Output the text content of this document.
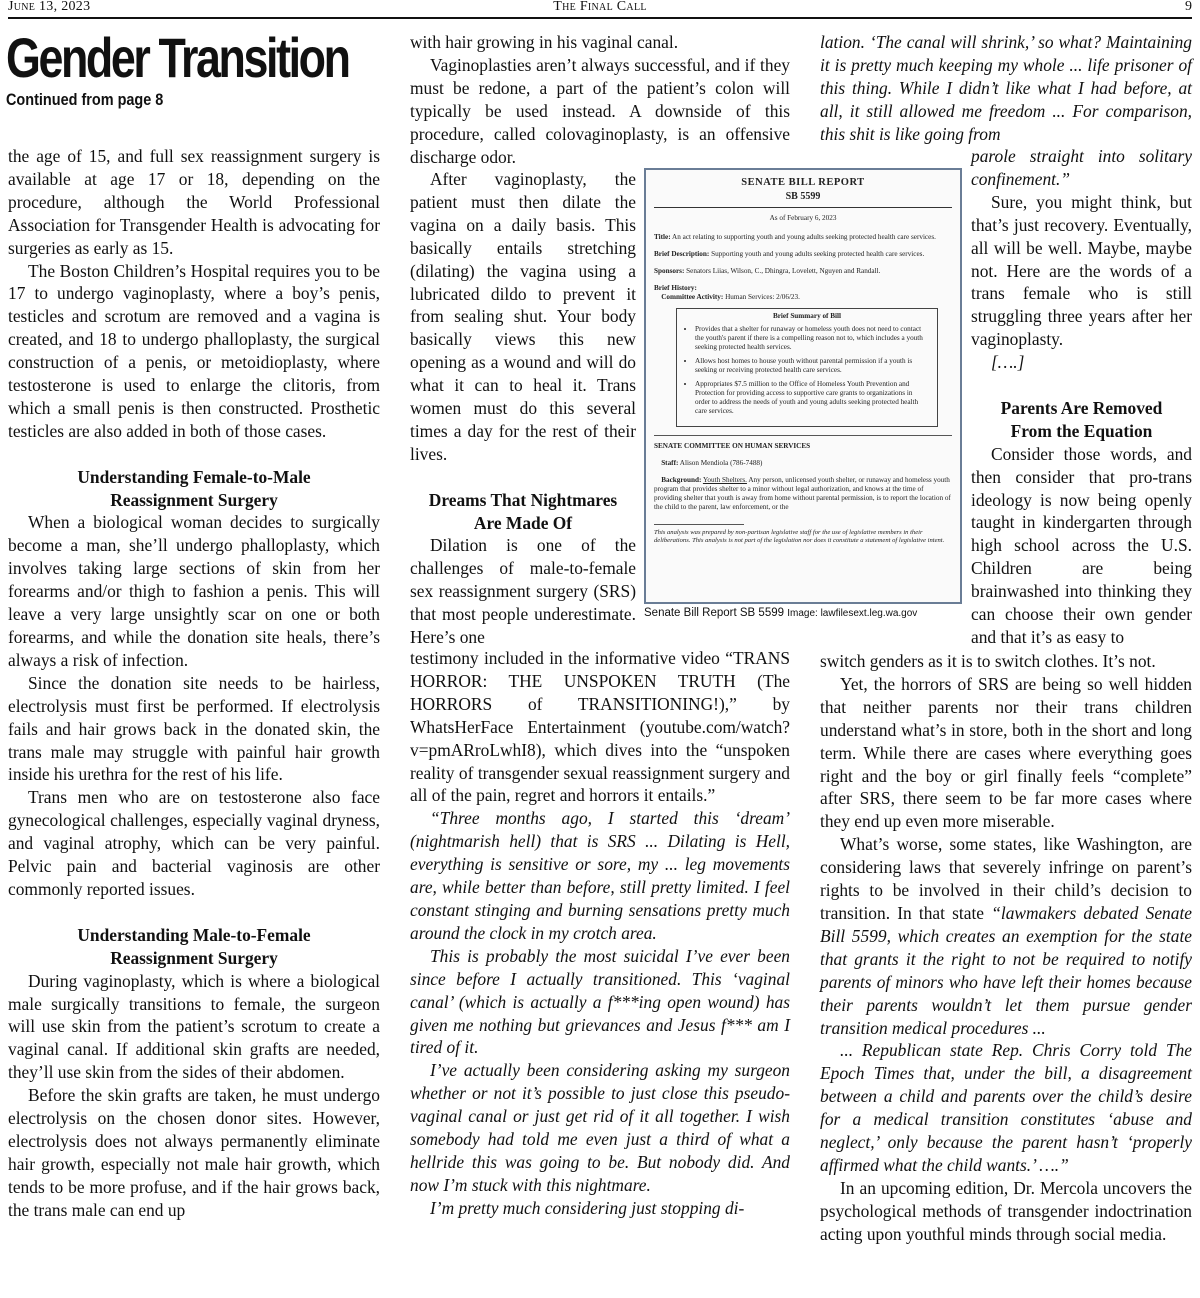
June 13, 2023	The Final Call	9
Gender Transition
Continued from page 8

the age of 15, and full sex reassignment surgery is available at age 17 or 18, depending on the procedure, although the World Professional Association for Transgender Health is advocating for surgeries as early as 15.

The Boston Children’s Hospital requires you to be 17 to undergo vaginoplasty, where a boy’s penis, testicles and scrotum are removed and a vagina is created, and 18 to undergo phalloplasty, the surgical construction of a penis, or metoidioplasty, where testosterone is used to enlarge the clitoris, from which a small penis is then constructed. Prosthetic testicles are also added in both of those cases.

Understanding Female-to-Male
Reassignment Surgery

When a biological woman decides to surgically become a man, she’ll undergo phalloplasty, which involves taking large sections of skin from her forearms and/or thigh to fashion a penis. This will leave a very large unsightly scar on one or both forearms, and while the donation site heals, there’s always a risk of infection.

Since the donation site needs to be hairless, electrolysis must first be performed. If electrolysis fails and hair grows back in the donated skin, the trans male may struggle with painful hair growth inside his urethra for the rest of his life.

Trans men who are on testosterone also face gynecological challenges, especially vaginal dryness, and vaginal atrophy, which can be very painful. Pelvic pain and bacterial vaginosis are other commonly reported issues.

Understanding Male-to-Female
Reassignment Surgery

During vaginoplasty, which is where a biological male surgically transitions to female, the surgeon will use skin from the patient’s scrotum to create a vaginal canal. If additional skin grafts are needed, they’ll use skin from the sides of their abdomen.

Before the skin grafts are taken, he must undergo electrolysis on the chosen donor sites. However, electrolysis does not always permanently eliminate hair growth, especially not male hair growth, which tends to be more profuse, and if the hair grows back, the trans male can end up

with hair growing in his vaginal canal.

Vaginoplasties aren’t always successful, and if they must be redone, a part of the patient’s colon will typically be used instead. A downside of this procedure, called colovaginoplasty, is an offensive discharge odor.

After vaginoplasty, the patient must then dilate the vagina on a daily basis. This basically entails stretching (dilating) the vagina using a lubricated dildo to prevent it from sealing shut. Your body basically views this new opening as a wound and will do what it can to heal it. Trans women must do this several times a day for the rest of their lives.

Dreams That Nightmares
Are Made Of

Dilation is one of the challenges of male-to-female sex reassignment surgery (SRS) that most people underestimate. Here’s one

testimony included in the informative video “TRANS HORROR: THE UNSPOKEN TRUTH (The HORRORS of TRANSITIONING!),” by WhatsHerFace Entertainment (youtube.com/watch?v=pmARroLwhI8), which dives into the “unspoken reality of transgender sexual reassignment surgery and all of the pain, regret and horrors it entails.”

“Three months ago, I started this ‘dream’ (nightmarish hell) that is SRS ... Dilating is Hell, everything is sensitive or sore, my ... leg movements are, while better than before, still pretty limited. I feel constant stinging and burning sensations pretty much around the clock in my crotch area.

This is probably the most suicidal I’ve ever been since before I actually transitioned. This ‘vaginal canal’ (which is actually a f***ing open wound) has given me nothing but grievances and Jesus f*** am I tired of it.

I’ve actually been considering asking my surgeon whether or not it’s possible to just close this pseudo-vaginal canal or just get rid of it all together. I wish somebody had told me even just a third of what a hellride this was going to be. But nobody did. And now I’m stuck with this nightmare.

I’m pretty much considering just stopping di-

lation. ‘The canal will shrink,’ so what? Maintaining it is pretty much keeping my whole ... life prisoner of this thing. While I didn’t like what I had before, at all, it still allowed me freedom ... For comparison, this shit is like going from

parole straight into solitary confinement.”

Sure, you might think, but that’s just recovery. Eventually, all will be well. Maybe, maybe not. Here are the words of a trans female who is still struggling three years after her vaginoplasty.

[….]

Parents Are Removed
From the Equation

Consider those words, and then consider that pro-trans ideology is now being openly taught in kindergarten through high school across the U.S. Children are being brainwashed into thinking they can choose their own gender and that it’s as easy to

switch genders as it is to switch clothes. It’s not.

Yet, the horrors of SRS are being so well hidden that neither parents nor their trans children understand what’s in store, both in the short and long term. While there are cases where everything goes right and the boy or girl finally feels “complete” after SRS, there seem to be far more cases where they end up even more miserable.

What’s worse, some states, like Washington, are considering laws that severely infringe on parent’s rights to be involved in their child’s decision to transition. In that state “lawmakers debated Senate Bill 5599, which creates an exemption for the state that grants it the right to not be required to notify parents of minors who have left their homes because their parents wouldn’t let them pursue gender transition medical procedures ...

... Republican state Rep. Chris Corry told The Epoch Times that, under the bill, a disagreement between a child and parents over the child’s desire for a medical transition constitutes ‘abuse and neglect,’ only because the parent hasn’t ‘properly affirmed what the child wants.’ ….”

In an upcoming edition, Dr. Mercola uncovers the psychological methods of transgender indoctrination acting upon youthful minds through social media.

SENATE BILL REPORT
SB 5599
As of February 6, 2023
Title: An act relating to supporting youth and young adults seeking protected health care services.
Brief Description: Supporting youth and young adults seeking protected health care services.
Sponsors: Senators Liias, Wilson, C., Dhingra, Lovelett, Nguyen and Randall.
Brief History:
Committee Activity: Human Services: 2/06/23.
Brief Summary of Bill
• Provides that a shelter for runaway or homeless youth does not need to contact the youth's parent if there is a compelling reason not to, which includes a youth seeking protected health services.
• Allows host homes to house youth without parental permission if a youth is seeking or receiving protected health care services.
• Appropriates $7.5 million to the Office of Homeless Youth Prevention and Protection for providing access to supportive care grants to organizations in order to address the needs of youth and young adults seeking protected health care services.
SENATE COMMITTEE ON HUMAN SERVICES
Staff: Alison Mendiola (786-7488)
Background: Youth Shelters. Any person, unlicensed youth shelter, or runaway and homeless youth program that provides shelter to a minor without legal authorization, and knows at the time of providing shelter that youth is away from home without parental permission, is to report the location of the child to the parent, law enforcement, or the
This analysis was prepared by non-partisan legislative staff for the use of legislative members in their deliberations. This analysis is not part of the legislation nor does it constitute a statement of legislative intent.
Senate Bill Report SB 5599 Image: lawfilesext.leg.wa.gov
